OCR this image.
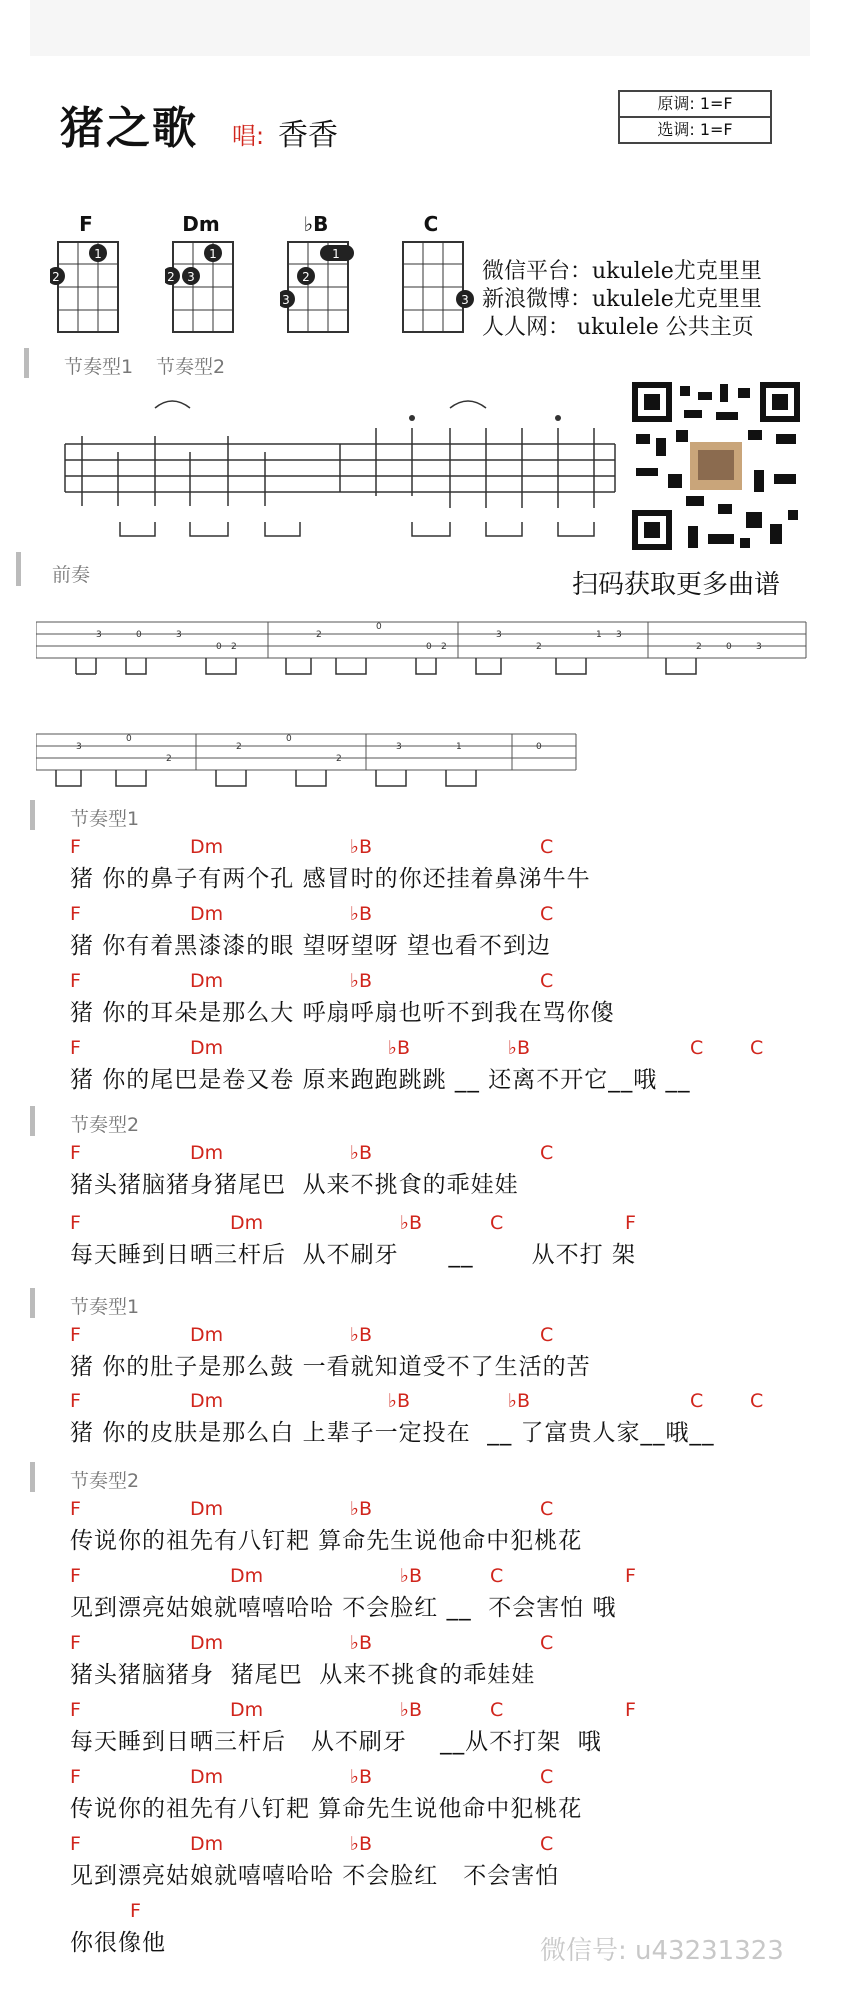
猪之歌 唱: 香香
原调: 1=F
选调: 1=F
F
1
2
Dm
1
2 3
♭B
1
2
3
C
3
微信平台：ukulele尤克里里
新浪微博：ukulele尤克里里
人人网： ukulele 公共主页
节奏型1 节奏型2
扫码获取更多曲谱
前奏
3	0	3
0 2
2
0
0 2
3
2
1 3
2	0	3
3
0
2
2
0
2
3	1	0
节奏型1
F	Dm	♭B	C
猪 你的鼻子有两个孔 感冒时的你还挂着鼻涕牛牛
F	Dm	♭B	C
猪 你有着黑漆漆的眼 望呀望呀 望也看不到边
F	Dm	♭B	C
猪 你的耳朵是那么大 呼扇呼扇也听不到我在骂你傻
F	Dm	♭B	♭B	C C
猪 你的尾巴是卷又卷 原来跑跑跳跳 __ 还离不开它__哦 __
节奏型2
F	Dm	♭B	C
猪头猪脑猪身猪尾巴  从来不挑食的乖娃娃
F	Dm	♭B	C	F
每天睡到日晒三杆后  从不刷牙      __       从不打 架
节奏型1
F	Dm	♭B	C
猪 你的肚子是那么鼓 一看就知道受不了生活的苦
F	Dm	♭B	♭B	C C
猪 你的皮肤是那么白 上辈子一定投在  __ 了富贵人家__哦__
节奏型2
F	Dm	♭B	C
传说你的祖先有八钉耙 算命先生说他命中犯桃花
F	Dm	♭B	C	F
见到漂亮姑娘就嘻嘻哈哈 不会脸红 __  不会害怕 哦
F	Dm	♭B	C
猪头猪脑猪身  猪尾巴  从来不挑食的乖娃娃
F	Dm	♭B	C	F
每天睡到日晒三杆后   从不刷牙    __从不打架  哦
F	Dm	♭B	C
传说你的祖先有八钉耙 算命先生说他命中犯桃花
F	Dm	♭B	C
见到漂亮姑娘就嘻嘻哈哈 不会脸红   不会害怕
F
你很像他	微信号: u43231323
